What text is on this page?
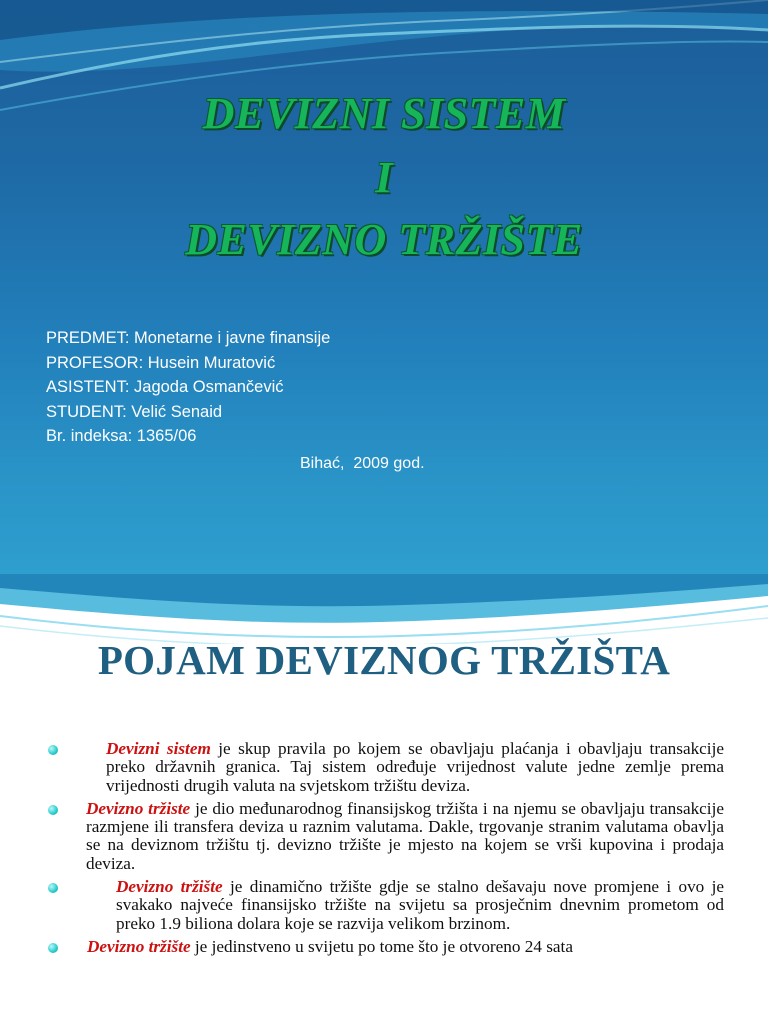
DEVIZNI SISTEM
I
DEVIZNO TRŽIŠTE
PREDMET: Monetarne i javne finansije
PROFESOR: Husein Muratović
ASISTENT: Jagoda Osmančević
STUDENT: Velić Senaid
Br. indeksa: 1365/06
Bihać,  2009 god.
POJAM DEVIZNOG TRŽIŠTA
Devizni sistem je skup pravila po kojem se obavljaju plaćanja i obavljaju transakcije preko državnih granica. Taj sistem određuje vrijednost valute jedne zemlje prema vrijednosti drugih valuta na svjetskom tržištu deviza.
Devizno tržiste je dio međunarodnog finansijskog tržišta i na njemu se obavljaju transakcije razmjene ili transfera deviza u raznim valutama. Dakle, trgovanje stranim valutama obavlja se na deviznom tržištu tj. devizno tržište je mjesto na kojem se vrši kupovina i prodaja deviza.
Devizno tržište je dinamično tržište gdje se stalno dešavaju nove promjene i ovo je svakako najveće finansijsko tržište na svijetu sa prosječnim dnevnim prometom od preko 1.9 biliona dolara koje se razvija velikom brzinom.
Devizno tržište je jedinstveno u svijetu po tome što je otvoreno 24 sata
